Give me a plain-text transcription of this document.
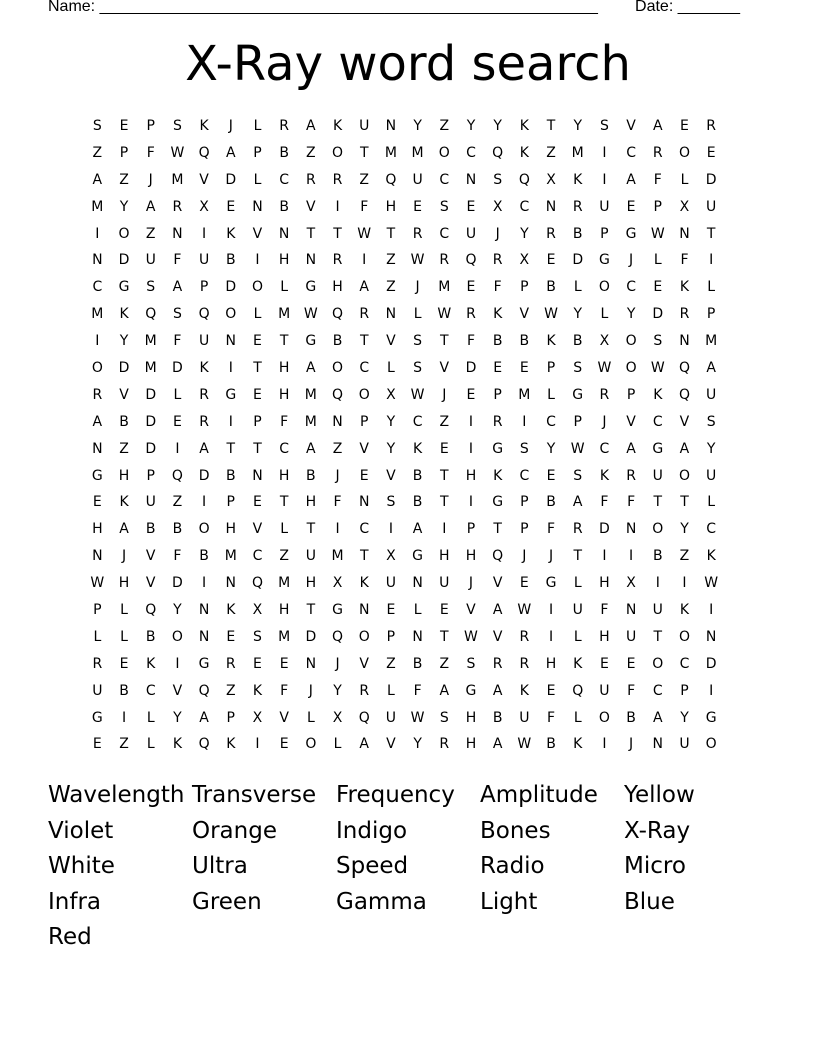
Name: ________________________________________________________ Date: _______
X-Ray word search
S	E	P	S	K	J	L	R	A	K	U	N	Y	Z	Y	Y	K	T	Y	S	V	A	E	R
Z	P	F	W	Q	A	P	B	Z	O	T	M	M	O	C	Q	K	Z	M	I	C	R	O	E
A	Z	J	M	V	D	L	C	R	R	Z	Q	U	C	N	S	Q	X	K	I	A	F	L	D
M	Y	A	R	X	E	N	B	V	I	F	H	E	S	E	X	C	N	R	U	E	P	X	U
I	O	Z	N	I	K	V	N	T	T	W	T	R	C	U	J	Y	R	B	P	G	W	N	T
N	D	U	F	U	B	I	H	N	R	I	Z	W	R	Q	R	X	E	D	G	J	L	F	I
C	G	S	A	P	D	O	L	G	H	A	Z	J	M	E	F	P	B	L	O	C	E	K	L
M	K	Q	S	Q	O	L	M W	Q	R	N	L	W	R	K	V	W	Y	L	Y	D	R	P
I	Y	M	F	U	N	E	T	G	B	T	V	S	T	F	B	B	K	B	X	O	S	N	M
O	D	M	D	K	I	T	H	A	O	C	L	S	V	D	E	E	P	S	W	O	W	Q	A
R	V	D	L	R	G	E	H	M	Q	O	X	W	J	E	P	M	L	G	R	P	K	Q	U
A	B	D	E	R	I	P	F	M	N	P	Y	C	Z	I	R	I	C	P	J	V	C	V	S
N	Z	D	I	A	T	T	C	A	Z	V	Y	K	E	I	G	S	Y	W	C	A	G	A	Y
G	H	P	Q	D	B	N	H	B	J	E	V	B	T	H	K	C	E	S	K	R	U	O	U
E	K	U	Z	I	P	E	T	H	F	N	S	B	T	I	G	P	B	A	F	F	T	T	L
H	A	B	B	O	H	V	L	T	I	C	I	A	I	P	T	P	F	R	D	N	O	Y	C
N	J	V	F	B	M	C	Z	U	M	T	X	G	H	H	Q	J	J	T	I	I	B	Z	K
W	H	V	D	I	N	Q	M	H	X	K	U	N	U	J	V	E	G	L	H	X	I	I	W
P	L	Q	Y	N	K	X	H	T	G	N	E	L	E	V	A	W	I	U	F	N	U	K	I
L	L	B	O	N	E	S	M	D	Q	O	P	N	T	W	V	R	I	L	H	U	T	O	N
R	E	K	I	G	R	E	E	N	J	V	Z	B	Z	S	R	R	H	K	E	E	O	C	D
U	B	C	V	Q	Z	K	F	J	Y	R	L	F	A	G	A	K	E	Q	U	F	C	P	I
G	I	L	Y	A	P	X	V	L	X	Q	U	W	S	H	B	U	F	L	O	B	A	Y	G
E	Z	L	K	Q	K	I	E	O	L	A	V	Y	R	H	A	W	B	K	I	J	N	U	O
Wavelength Transverse Frequency	Amplitude	Yellow
Violet	Orange	Indigo	Bones	X-Ray
White	Ultra	Speed	Radio	Micro
Infra	Green	Gamma	Light	Blue
Red
